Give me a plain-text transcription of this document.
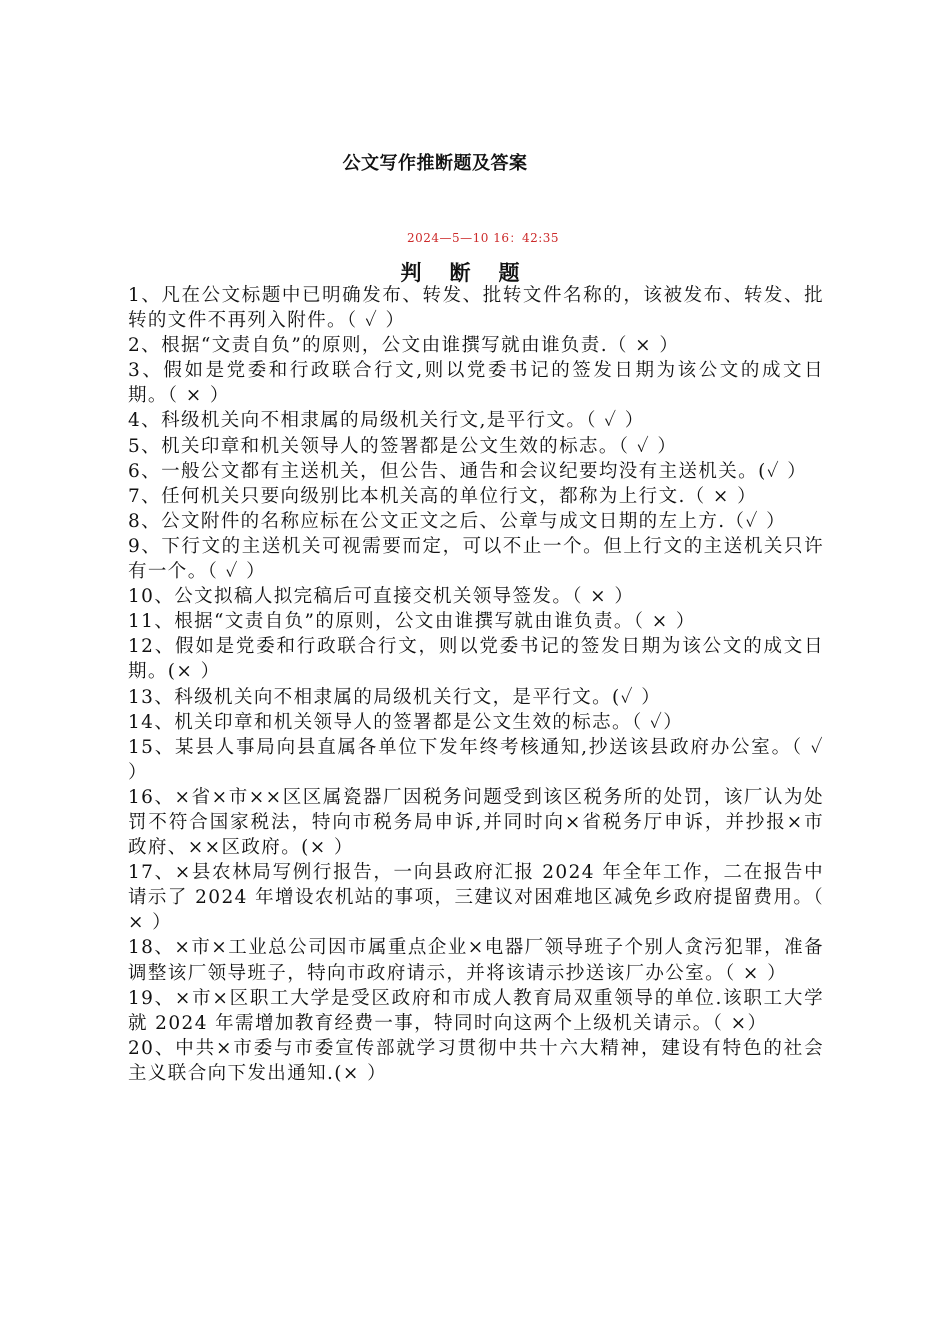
公文写作推断题及答案
2024—5—10 16：42:35
判断题
1、凡在公文标题中已明确发布、转发、批转文件名称的，该被发布、转发、批转的文件不再列入附件。（ ✓ ）
2、根据“文责自负”的原则，公文由谁撰写就由谁负责.（ × ）
3、假如是党委和行政联合行文,则以党委书记的签发日期为该公文的成文日期。（ × ）
4、科级机关向不相隶属的局级机关行文,是平行文。（ ✓ ）
5、机关印章和机关领导人的签署都是公文生效的标志。（ ✓ ）
6、一般公文都有主送机关，但公告、通告和会议纪要均没有主送机关。(✓ ）
7、任何机关只要向级别比本机关高的单位行文，都称为上行文.（ × ）
8、公文附件的名称应标在公文正文之后、公章与成文日期的左上方.（✓ ）
9、下行文的主送机关可视需要而定，可以不止一个。但上行文的主送机关只许有一个。（ ✓ ）
10、公文拟稿人拟完稿后可直接交机关领导签发。（ × ）
11、根据“文责自负”的原则，公文由谁撰写就由谁负责。（ × ）
12、假如是党委和行政联合行文，则以党委书记的签发日期为该公文的成文日期。(× ）
13、科级机关向不相隶属的局级机关行文，是平行文。(✓ ）
14、机关印章和机关领导人的签署都是公文生效的标志。（ ✓）
15、某县人事局向县直属各单位下发年终考核通知,抄送该县政府办公室。（ ✓ ）
16、×省×市××区区属瓷器厂因税务问题受到该区税务所的处罚，该厂认为处罚不符合国家税法，特向市税务局申诉,并同时向×省税务厅申诉，并抄报×市政府、××区政府。(× ）
17、×县农林局写例行报告，一向县政府汇报 2024 年全年工作，二在报告中请示了 2024 年增设农机站的事项，三建议对困难地区减免乡政府提留费用。（ × ）
18、×市×工业总公司因市属重点企业×电器厂领导班子个别人贪污犯罪，准备调整该厂领导班子，特向市政府请示，并将该请示抄送该厂办公室。（ × ）
19、×市×区职工大学是受区政府和市成人教育局双重领导的单位.该职工大学就 2024 年需增加教育经费一事，特同时向这两个上级机关请示。（ ×）
20、中共×市委与市委宣传部就学习贯彻中共十六大精神，建设有特色的社会主义联合向下发出通知.(× ）
